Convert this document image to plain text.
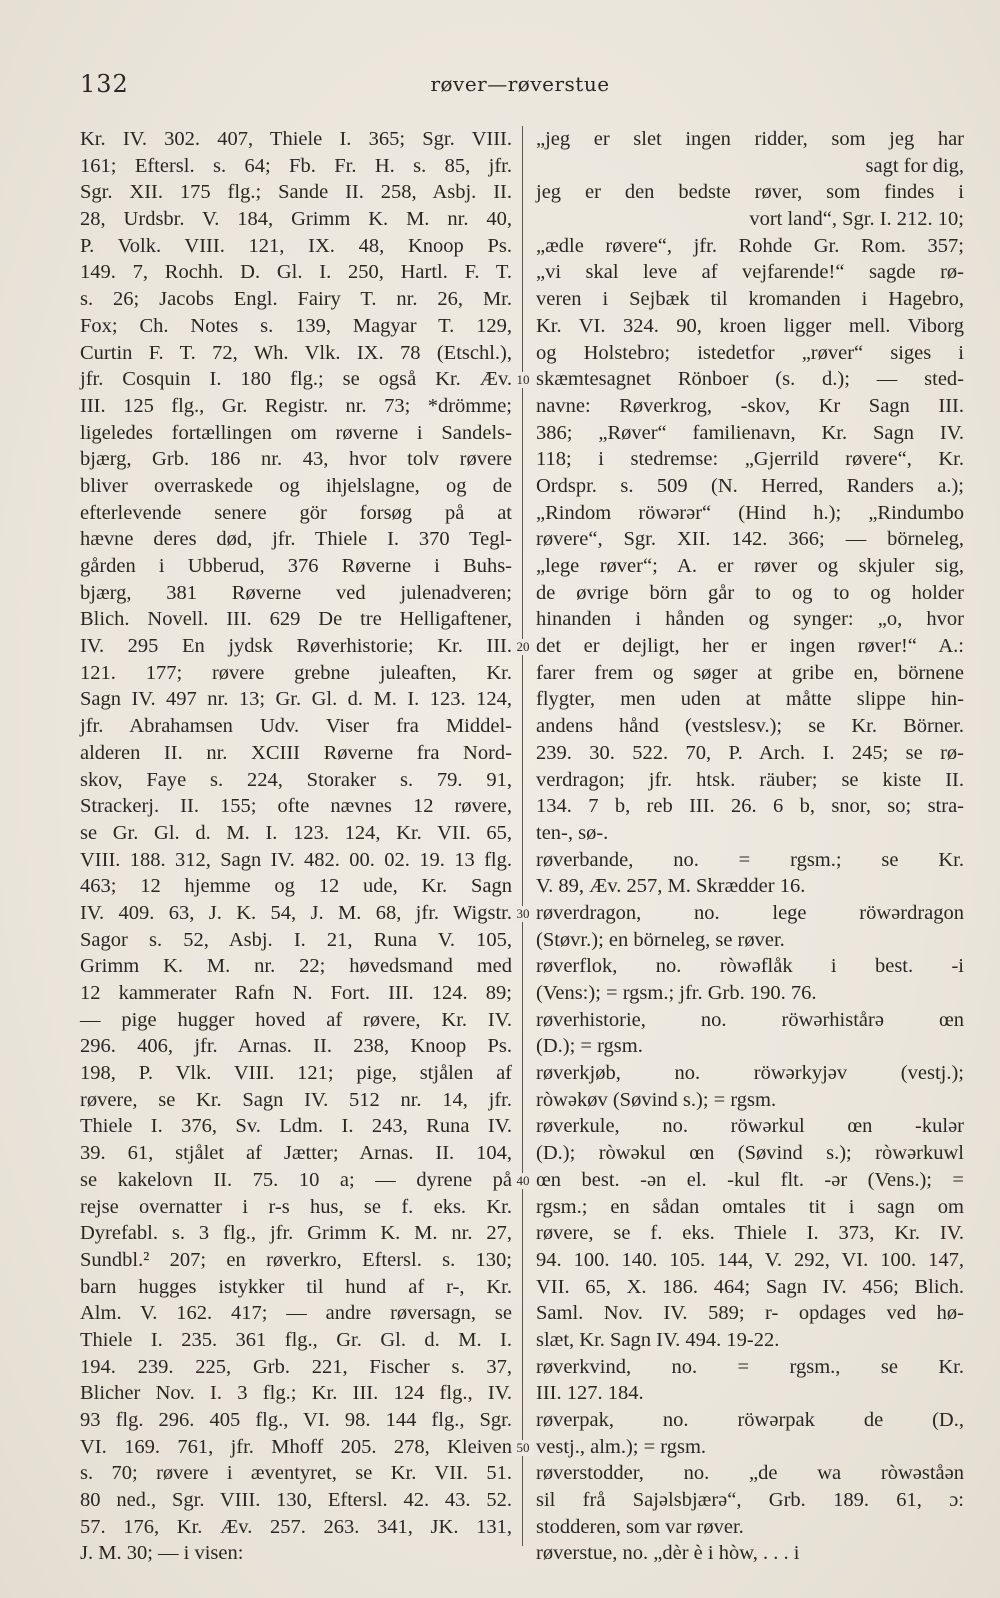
132	røver—røverstue
Kr. IV. 302. 407, Thiele I. 365; Sgr. VIII.
161; Eftersl. s. 64; Fb. Fr. H. s. 85, jfr.
Sgr. XII. 175 flg.; Sande II. 258, Asbj. II.
28, Urdsbr. V. 184, Grimm K. M. nr. 40,
P. Volk. VIII. 121, IX. 48, Knoop Ps.
149. 7, Rochh. D. Gl. I. 250, Hartl. F. T.
s. 26; Jacobs Engl. Fairy T. nr. 26, Mr.
Fox; Ch. Notes s. 139, Magyar T. 129,
Curtin F. T. 72, Wh. Vlk. IX. 78 (Etschl.),
jfr. Cosquin I. 180 flg.; se også Kr. Æv.
III. 125 flg., Gr. Registr. nr. 73; *drömme;
ligeledes fortællingen om røverne i Sandels-
bjærg, Grb. 186 nr. 43, hvor tolv røvere
bliver overraskede og ihjelslagne, og de
efterlevende senere gör forsøg på at
hævne deres død, jfr. Thiele I. 370 Tegl-
gården i Ubberud, 376 Røverne i Buhs-
bjærg, 381 Røverne ved julenadveren;
Blich. Novell. III. 629 De tre Helligaftener,
IV. 295 En jydsk Røverhistorie; Kr. III.
121. 177; røvere grebne juleaften, Kr.
Sagn IV. 497 nr. 13; Gr. Gl. d. M. I. 123. 124,
jfr. Abrahamsen Udv. Viser fra Middel-
alderen II. nr. XCIII Røverne fra Nord-
skov, Faye s. 224, Storaker s. 79. 91,
Strackerj. II. 155; ofte nævnes 12 røvere,
se Gr. Gl. d. M. I. 123. 124, Kr. VII. 65,
VIII. 188. 312, Sagn IV. 482. 00. 02. 19. 13 flg.
463; 12 hjemme og 12 ude, Kr. Sagn
IV. 409. 63, J. K. 54, J. M. 68, jfr. Wigstr.
Sagor s. 52, Asbj. I. 21, Runa V. 105,
Grimm K. M. nr. 22; høvedsmand med
12 kammerater Rafn N. Fort. III. 124. 89;
— pige hugger hoved af røvere, Kr. IV.
296. 406, jfr. Arnas. II. 238, Knoop Ps.
198, P. Vlk. VIII. 121; pige, stjålen af
røvere, se Kr. Sagn IV. 512 nr. 14, jfr.
Thiele I. 376, Sv. Ldm. I. 243, Runa IV.
39. 61, stjålet af Jætter; Arnas. II. 104,
se kakelovn II. 75. 10 a; — dyrene på
rejse overnatter i r-s hus, se f. eks. Kr.
Dyrefabl. s. 3 flg., jfr. Grimm K. M. nr. 27,
Sundbl.² 207; en røverkro, Eftersl. s. 130;
barn hugges istykker til hund af r-, Kr.
Alm. V. 162. 417; — andre røversagn, se
Thiele I. 235. 361 flg., Gr. Gl. d. M. I.
194. 239. 225, Grb. 221, Fischer s. 37,
Blicher Nov. I. 3 flg.; Kr. III. 124 flg., IV.
93 flg. 296. 405 flg., VI. 98. 144 flg., Sgr.
VI. 169. 761, jfr. Mhoff 205. 278, Kleiven
s. 70; røvere i æventyret, se Kr. VII. 51.
80 ned., Sgr. VIII. 130, Eftersl. 42. 43. 52.
57. 176, Kr. Æv. 257. 263. 341, JK. 131,
J. M. 30; — i visen:
10
20
30
40
50
„jeg er slet ingen ridder, som jeg har
sagt for dig,
jeg er den bedste røver, som findes i
vort land“, Sgr. I. 212. 10;
„ædle røvere“, jfr. Rohde Gr. Rom. 357;
„vi skal leve af vejfarende!“ sagde rø-
veren i Sejbæk til kromanden i Hagebro,
Kr. VI. 324. 90, kroen ligger mell. Viborg
og Holstebro; istedetfor „røver“ siges i
skæmtesagnet Rönboer (s. d.); — sted-
navne: Røverkrog, -skov, Kr Sagn III.
386; „Røver“ familienavn, Kr. Sagn IV.
118; i stedremse: „Gjerrild røvere“, Kr.
Ordspr. s. 509 (N. Herred, Randers a.);
„Rindom röwərər“ (Hind h.); „Rindumbo
røvere“, Sgr. XII. 142. 366; — börneleg,
„lege røver“; A. er røver og skjuler sig,
de øvrige börn går to og to og holder
hinanden i hånden og synger: „o, hvor
det er dejligt, her er ingen røver!“ A.:
farer frem og søger at gribe en, börnene
flygter, men uden at måtte slippe hin-
andens hånd (vestslesv.); se Kr. Börner.
239. 30. 522. 70, P. Arch. I. 245; se rø-
verdragon; jfr. htsk. räuber; se kiste II.
134. 7 b, reb III. 26. 6 b, snor, so; stra-
ten-, sø-.
røverbande, no. = rgsm.; se Kr.
V. 89, Æv. 257, M. Skrædder 16.
røverdragon, no. lege röwərdragon
(Støvr.); en börneleg, se røver.
røverflok, no. ròwəflåk i best. -i
(Vens:); = rgsm.; jfr. Grb. 190. 76.
røverhistorie, no. röwərhistårə œn
(D.); = rgsm.
røverkjøb, no. röwərkyjəv (vestj.);
ròwəkøv (Søvind s.); = rgsm.
røverkule, no. röwərkul œn -kulər
(D.); ròwəkul œn (Søvind s.); ròwərkuwl
œn best. -ən el. -kul flt. -ər (Vens.); =
rgsm.; en sådan omtales tit i sagn om
røvere, se f. eks. Thiele I. 373, Kr. IV.
94. 100. 140. 105. 144, V. 292, VI. 100. 147,
VII. 65, X. 186. 464; Sagn IV. 456; Blich.
Saml. Nov. IV. 589; r- opdages ved hø-
slæt, Kr. Sagn IV. 494. 19-22.
røverkvind, no. = rgsm., se Kr.
III. 127. 184.
røverpak, no. röwərpak de (D.,
vestj., alm.); = rgsm.
røverstodder, no. „de wa ròwəståən
sil frå Sajəlsbjærə“, Grb. 189. 61, ɔ:
stodderen, som var røver.
røverstue, no. „dèr è i hòw, . . . i
